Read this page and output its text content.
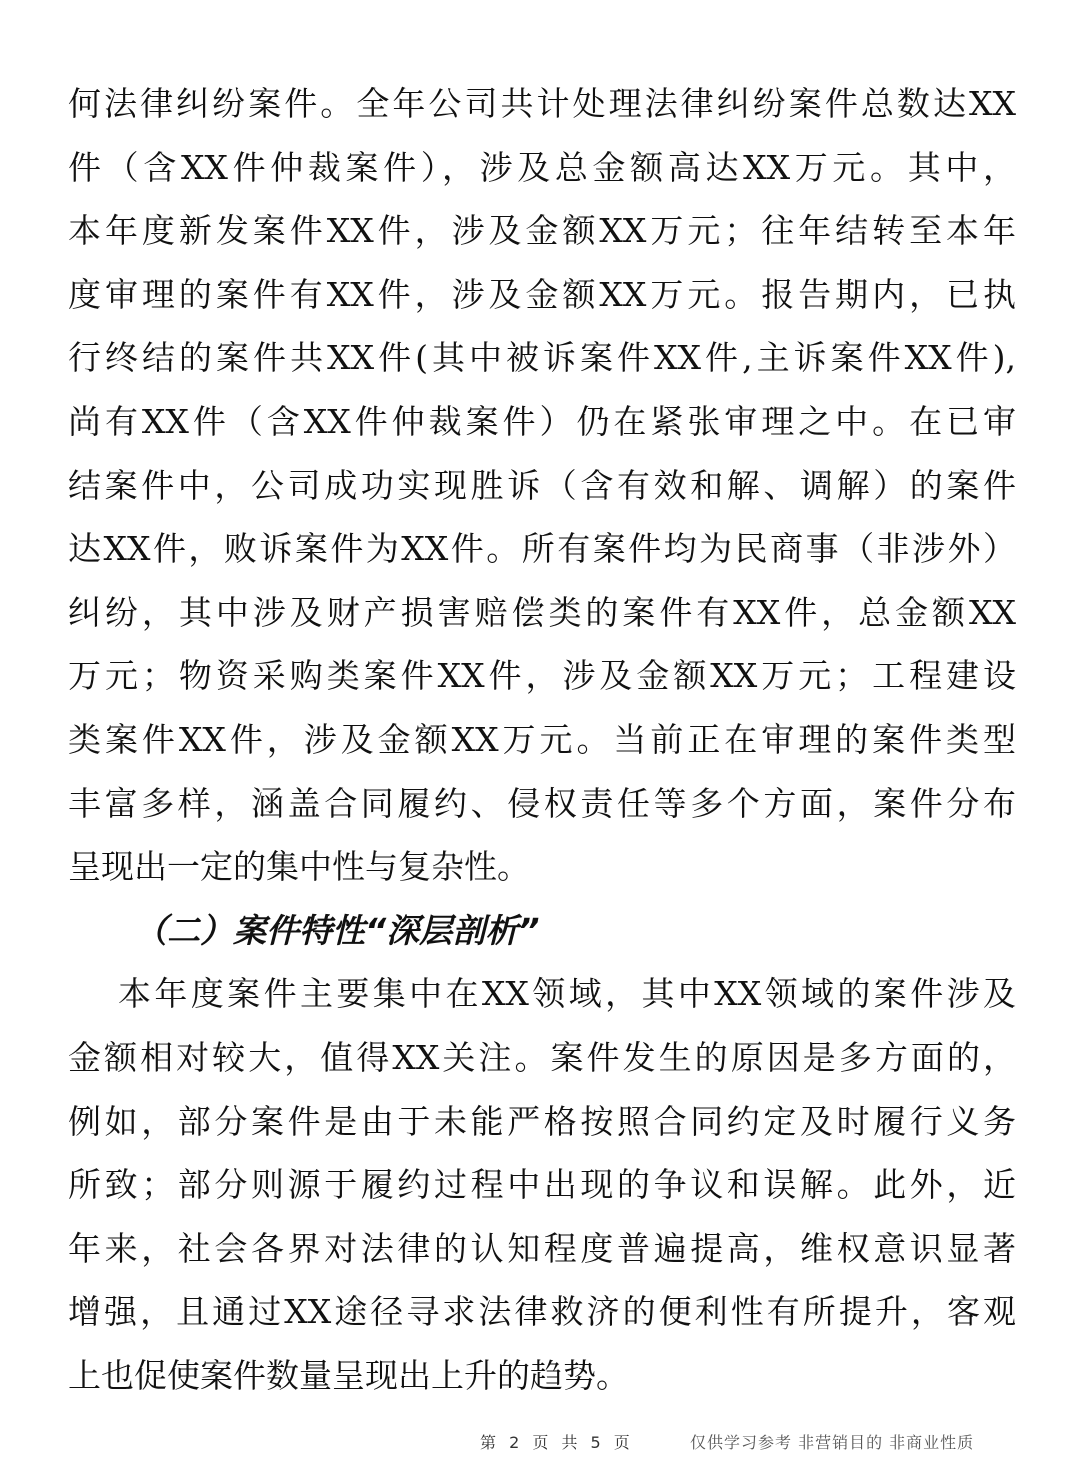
何法律纠纷案件。全年公司共计处理法律纠纷案件总数达XX
件（含XX件仲裁案件），涉及总金额高达XX万元。其中，
本年度新发案件XX件，涉及金额XX万元；往年结转至本年
度审理的案件有XX件，涉及金额XX万元。报告期内，已执
行终结的案件共XX件(其中被诉案件XX件,主诉案件XX件),
尚有XX件（含XX件仲裁案件）仍在紧张审理之中。在已审
结案件中，公司成功实现胜诉（含有效和解、调解）的案件
达XX件，败诉案件为XX件。所有案件均为民商事（非涉外）
纠纷，其中涉及财产损害赔偿类的案件有XX件，总金额XX
万元；物资采购类案件XX件，涉及金额XX万元；工程建设
类案件XX件，涉及金额XX万元。当前正在审理的案件类型
丰富多样，涵盖合同履约、侵权责任等多个方面，案件分布
呈现出一定的集中性与复杂性。
（二）案件特性“深层剖析”
本年度案件主要集中在XX领域，其中XX领域的案件涉及
金额相对较大，值得XX关注。案件发生的原因是多方面的，
例如，部分案件是由于未能严格按照合同约定及时履行义务
所致；部分则源于履约过程中出现的争议和误解。此外，近
年来，社会各界对法律的认知程度普遍提高，维权意识显著
增强，且通过XX途径寻求法律救济的便利性有所提升，客观
上也促使案件数量呈现出上升的趋势。
第 2 页 共 5 页	仅供学习参考 非营销目的 非商业性质
